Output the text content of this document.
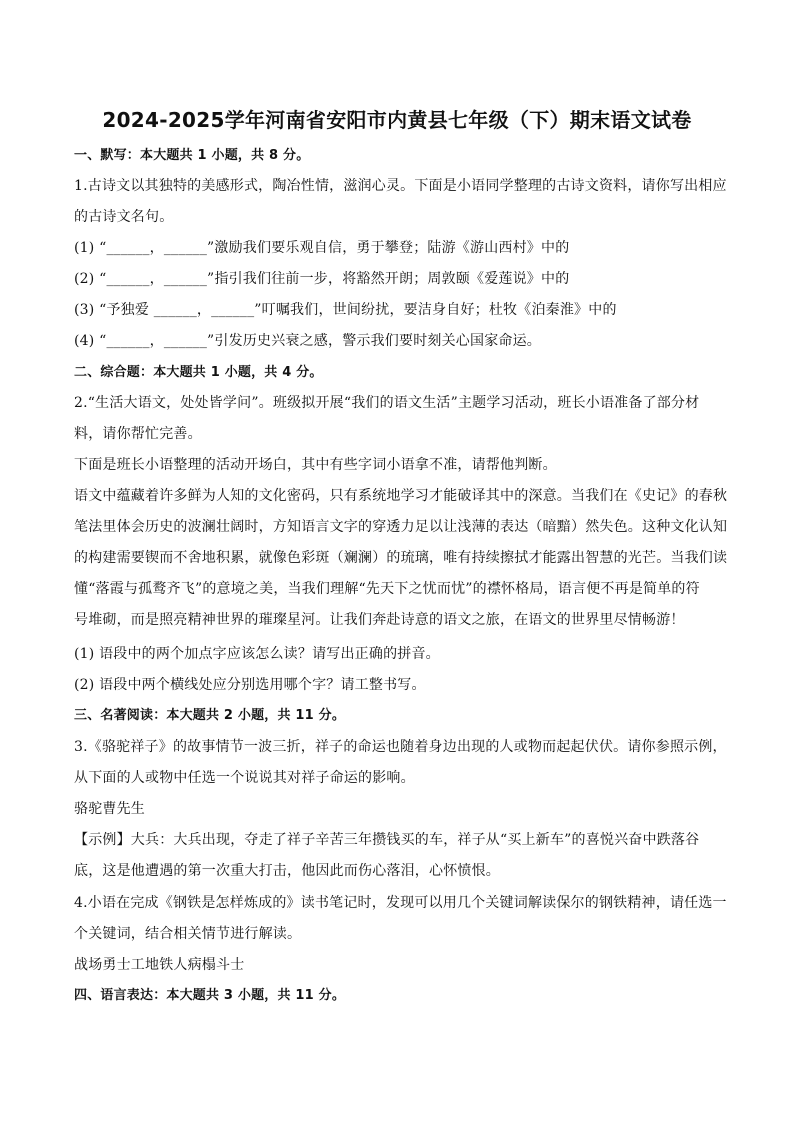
2024-2025学年河南省安阳市内黄县七年级（下）期末语文试卷
一、默写：本大题共 1 小题，共 8 分。
1.古诗文以其独特的美感形式，陶冶性情，滋润心灵。下面是小语同学整理的古诗文资料，请你写出相应
的古诗文名句。
(1) “______，______”激励我们要乐观自信，勇于攀登；陆游《游山西村》中的
(2) “______，______”指引我们往前一步，将豁然开朗；周敦颐《爱莲说》中的
(3) “予独爱 ______，______”叮嘱我们，世间纷扰，要洁身自好；杜牧《泊秦淮》中的
(4) “______，______”引发历史兴衰之感，警示我们要时刻关心国家命运。
二、综合题：本大题共 1 小题，共 4 分。
2.“生活大语文，处处皆学问”。班级拟开展“我们的语文生活”主题学习活动，班长小语准备了部分材
料，请你帮忙完善。
下面是班长小语整理的活动开场白，其中有些字词小语拿不准，请帮他判断。
语文中蕴藏着许多鲜为人知的文化密码，只有系统地学习才能破译其中的深意。当我们在《史记》的春秋
笔法里体会历史的波澜壮阔时，方知语言文字的穿透力足以让浅薄的表达（暗黯）然失色。这种文化认知
的构建需要锲而不舍地积累，就像色彩斑（斓澜）的琉璃，唯有持续擦拭才能露出智慧的光芒。当我们读
懂“落霞与孤鹜齐飞”的意境之美，当我们理解“先天下之忧而忧”的襟怀格局，语言便不再是简单的符
号堆砌，而是照亮精神世界的璀璨星河。让我们奔赴诗意的语文之旅，在语文的世界里尽情畅游！
(1) 语段中的两个加点字应该怎么读？请写出正确的拼音。
(2) 语段中两个横线处应分别选用哪个字？请工整书写。
三、名著阅读：本大题共 2 小题，共 11 分。
3.《骆驼祥子》的故事情节一波三折，祥子的命运也随着身边出现的人或物而起起伏伏。请你参照示例，
从下面的人或物中任选一个说说其对祥子命运的影响。
骆驼曹先生
【示例】大兵：大兵出现，夺走了祥子辛苦三年攒钱买的车，祥子从“买上新车”的喜悦兴奋中跌落谷
底，这是他遭遇的第一次重大打击，他因此而伤心落泪，心怀愤恨。
4.小语在完成《钢铁是怎样炼成的》读书笔记时，发现可以用几个关键词解读保尔的钢铁精神，请任选一
个关键词，结合相关情节进行解读。
战场勇士工地铁人病榻斗士
四、语言表达：本大题共 3 小题，共 11 分。
